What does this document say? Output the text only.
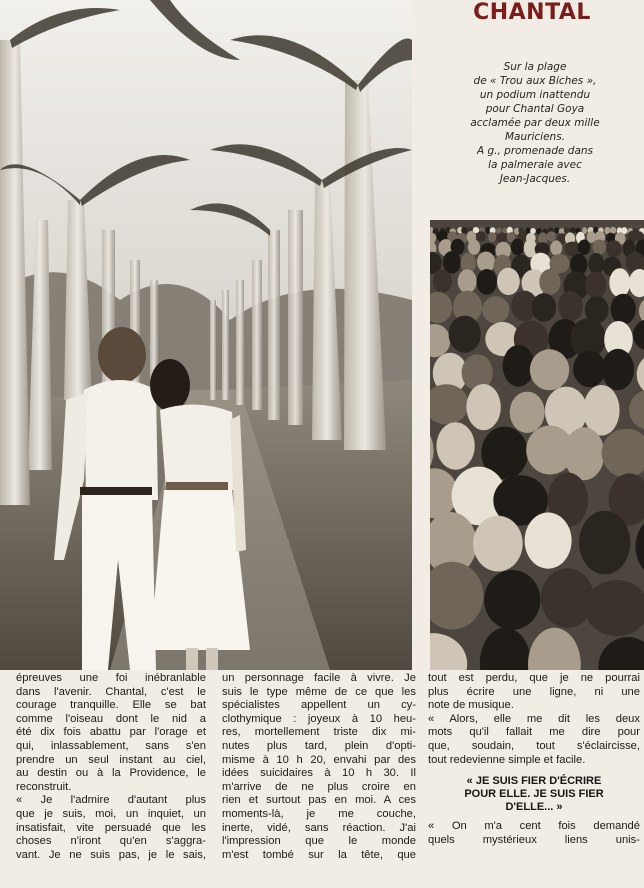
CHANTAL
Sur la plage
de « Trou aux Biches »,
un podium inattendu
pour Chantal Goya
acclamée par deux mille
Mauriciens.
A g., promenade dans
la palmeraie avec
Jean-Jacques.
épreuves une foi inébranlable
dans l'avenir. Chantal, c'est le
courage tranquille. Elle se bat
comme l'oiseau dont le nid a
été dix fois abattu par l'orage et
qui, inlassablement, sans s'en
prendre un seul instant au ciel,
au destin ou à la Providence, le
reconstruit.
« Je l'admire d'autant plus
que je suis, moi, un inquiet, un
insatisfait, vite persuadé que les
choses n'iront qu'en s'aggra-
vant. Je ne suis pas, je le sais,
un personnage facile à vivre. Je
suis le type même de ce que les
spécialistes appellent un cy-
clothymique : joyeux à 10 heu-
res, mortellement triste dix mi-
nutes plus tard, plein d'opti-
misme à 10 h 20, envahi par des
idées suicidaires à 10 h 30. Il
m'arrive de ne plus croire en
rien et surtout pas en moi. A ces
moments-là, je me couche,
inerte, vidé, sans réaction. J'ai
l'impression que le monde
m'est tombé sur la tête, que
tout est perdu, que je ne pourrai
plus écrire une ligne, ni une
note de musique.
« Alors, elle me dit les deux
mots qu'il fallait me dire pour
que, soudain, tout s'éclaircisse,
tout redevienne simple et facile.
« JE SUIS FIER D'ÉCRIRE
POUR ELLE. JE SUIS FIER
D'ELLE... »
« On m'a cent fois demandé
quels mystérieux liens unis-
